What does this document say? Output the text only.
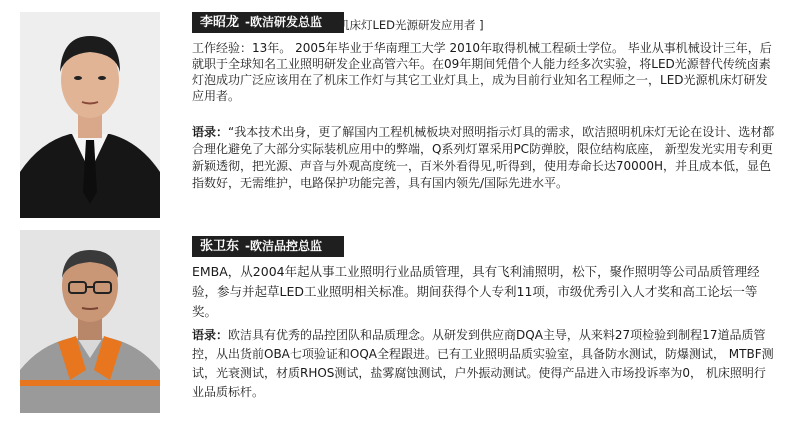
李昭龙 -欧洁研发总监	机床灯LED光源研发应用者 ]
工作经验：13年。 2005年毕业于华南理工大学 2010年取得机械工程硕士学位。 毕业从事机械设计三年，后就职于全球知名工业照明研发企业高管六年。在09年期间凭借个人能力经多次实验，将LED光源替代传统卤素灯泡成功广泛应该用在了机床工作灯与其它工业灯具上，成为目前行业知名工程师之一，LED光源机床灯研发应用者。
语录：“我本技术出身，更了解国内工程机械板块对照明指示灯具的需求，欧洁照明机床灯无论在设计、选材都合理化避免了大部分实际装机应用中的弊端，Q系列灯罩采用PC防弹胶，限位结构底座， 新型发光实用专利更新颖透彻，把光源、声音与外观高度统一，百米外看得见,听得到，使用寿命长达70000H，并且成本低，显色指数好，无需维护，电路保护功能完善，具有国内领先/国际先进水平。
张卫东 -欧洁品控总监
EMBA，从2004年起从事工业照明行业品质管理，具有飞利浦照明，松下，聚作照明等公司品质管理经验，参与并起草LED工业照明相关标准。期间获得个人专利11项，市级优秀引入人才奖和高工论坛一等奖。
语录：欧洁具有优秀的品控团队和品质理念。从研发到供应商DQA主导，从来料27项检验到制程17道品质管控，从出货前OBA七项验证和OQA全程跟进。已有工业照明品质实验室，具备防水测试，防爆测试， MTBF测试，光衰测试，材质RHOS测试，盐雾腐蚀测试，户外振动测试。使得产品进入市场投诉率为0， 机床照明行业品质标杆。
